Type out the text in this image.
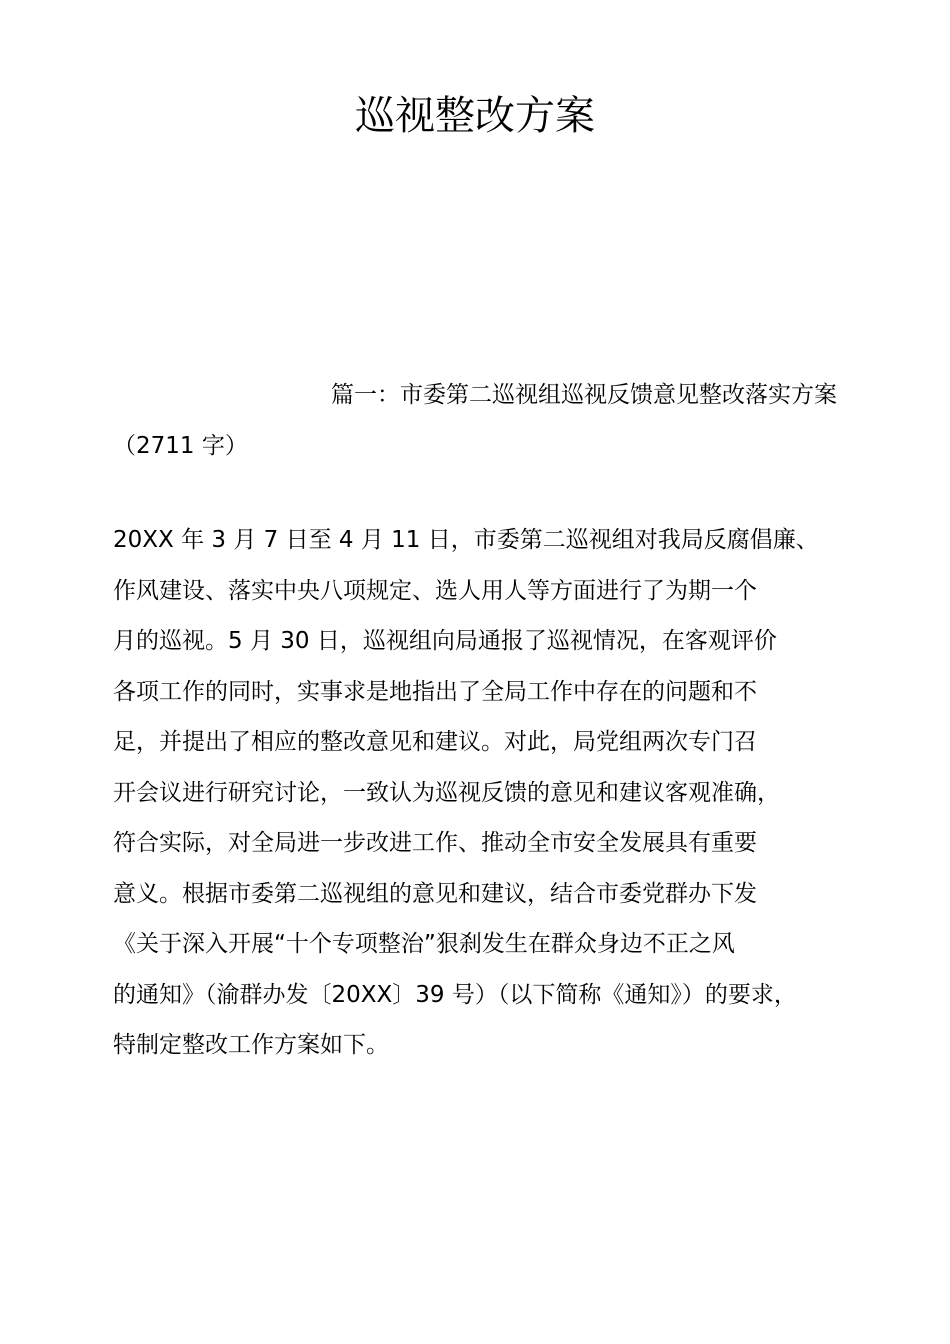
巡视整改方案

篇一：市委第二巡视组巡视反馈意见整改落实方案
（2711 字）

20XX 年 3 月 7 日至 4 月 11 日，市委第二巡视组对我局反腐倡廉、
作风建设、落实中央八项规定、选人用人等方面进行了为期一个
月的巡视。5 月 30 日，巡视组向局通报了巡视情况，在客观评价
各项工作的同时，实事求是地指出了全局工作中存在的问题和不
足，并提出了相应的整改意见和建议。对此，局党组两次专门召
开会议进行研究讨论，一致认为巡视反馈的意见和建议客观准确，
符合实际，对全局进一步改进工作、推动全市安全发展具有重要
意义。根据市委第二巡视组的意见和建议，结合市委党群办下发
《关于深入开展“十个专项整治”狠刹发生在群众身边不正之风
的通知》（渝群办发〔20XX〕39 号）（以下简称《通知》）的要求，
特制定整改工作方案如下。
